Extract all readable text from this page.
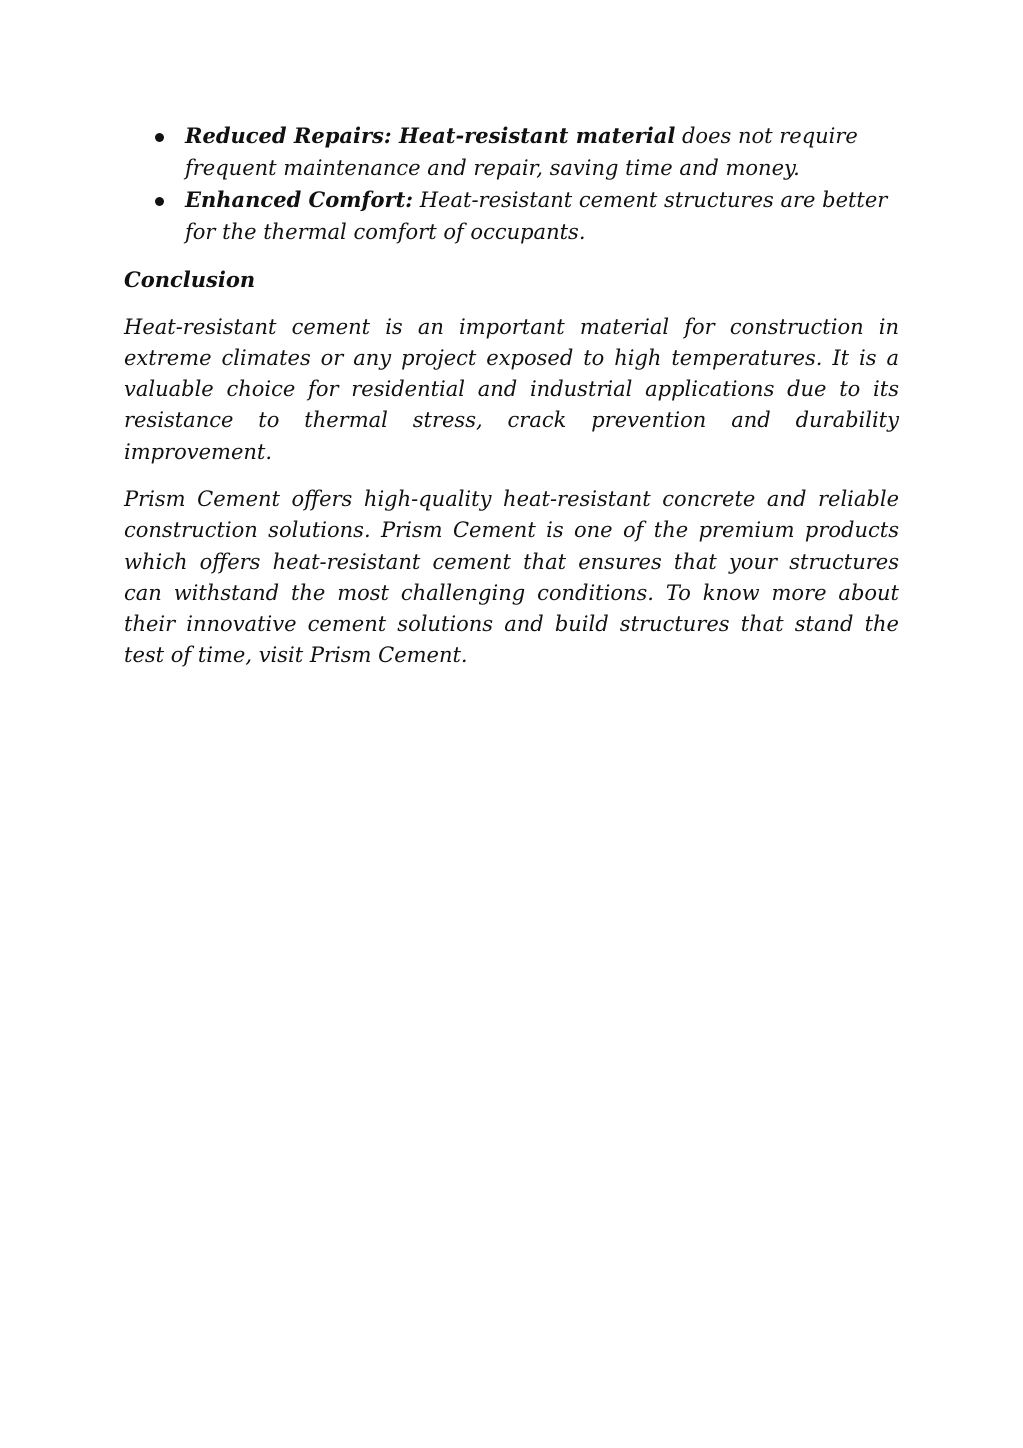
Reduced Repairs: Heat-resistant material does not require frequent maintenance and repair, saving time and money.
Enhanced Comfort: Heat-resistant cement structures are better for the thermal comfort of occupants.
Conclusion

Heat-resistant cement is an important material for construction in extreme climates or any project exposed to high temperatures. It is a valuable choice for residential and industrial applications due to its resistance to thermal stress, crack prevention and durability improvement.

Prism Cement offers high-quality heat-resistant concrete and reliable construction solutions. Prism Cement is one of the premium products which offers heat-resistant cement that ensures that your structures can withstand the most challenging conditions. To know more about their innovative cement solutions and build structures that stand the test of time, visit Prism Cement.
